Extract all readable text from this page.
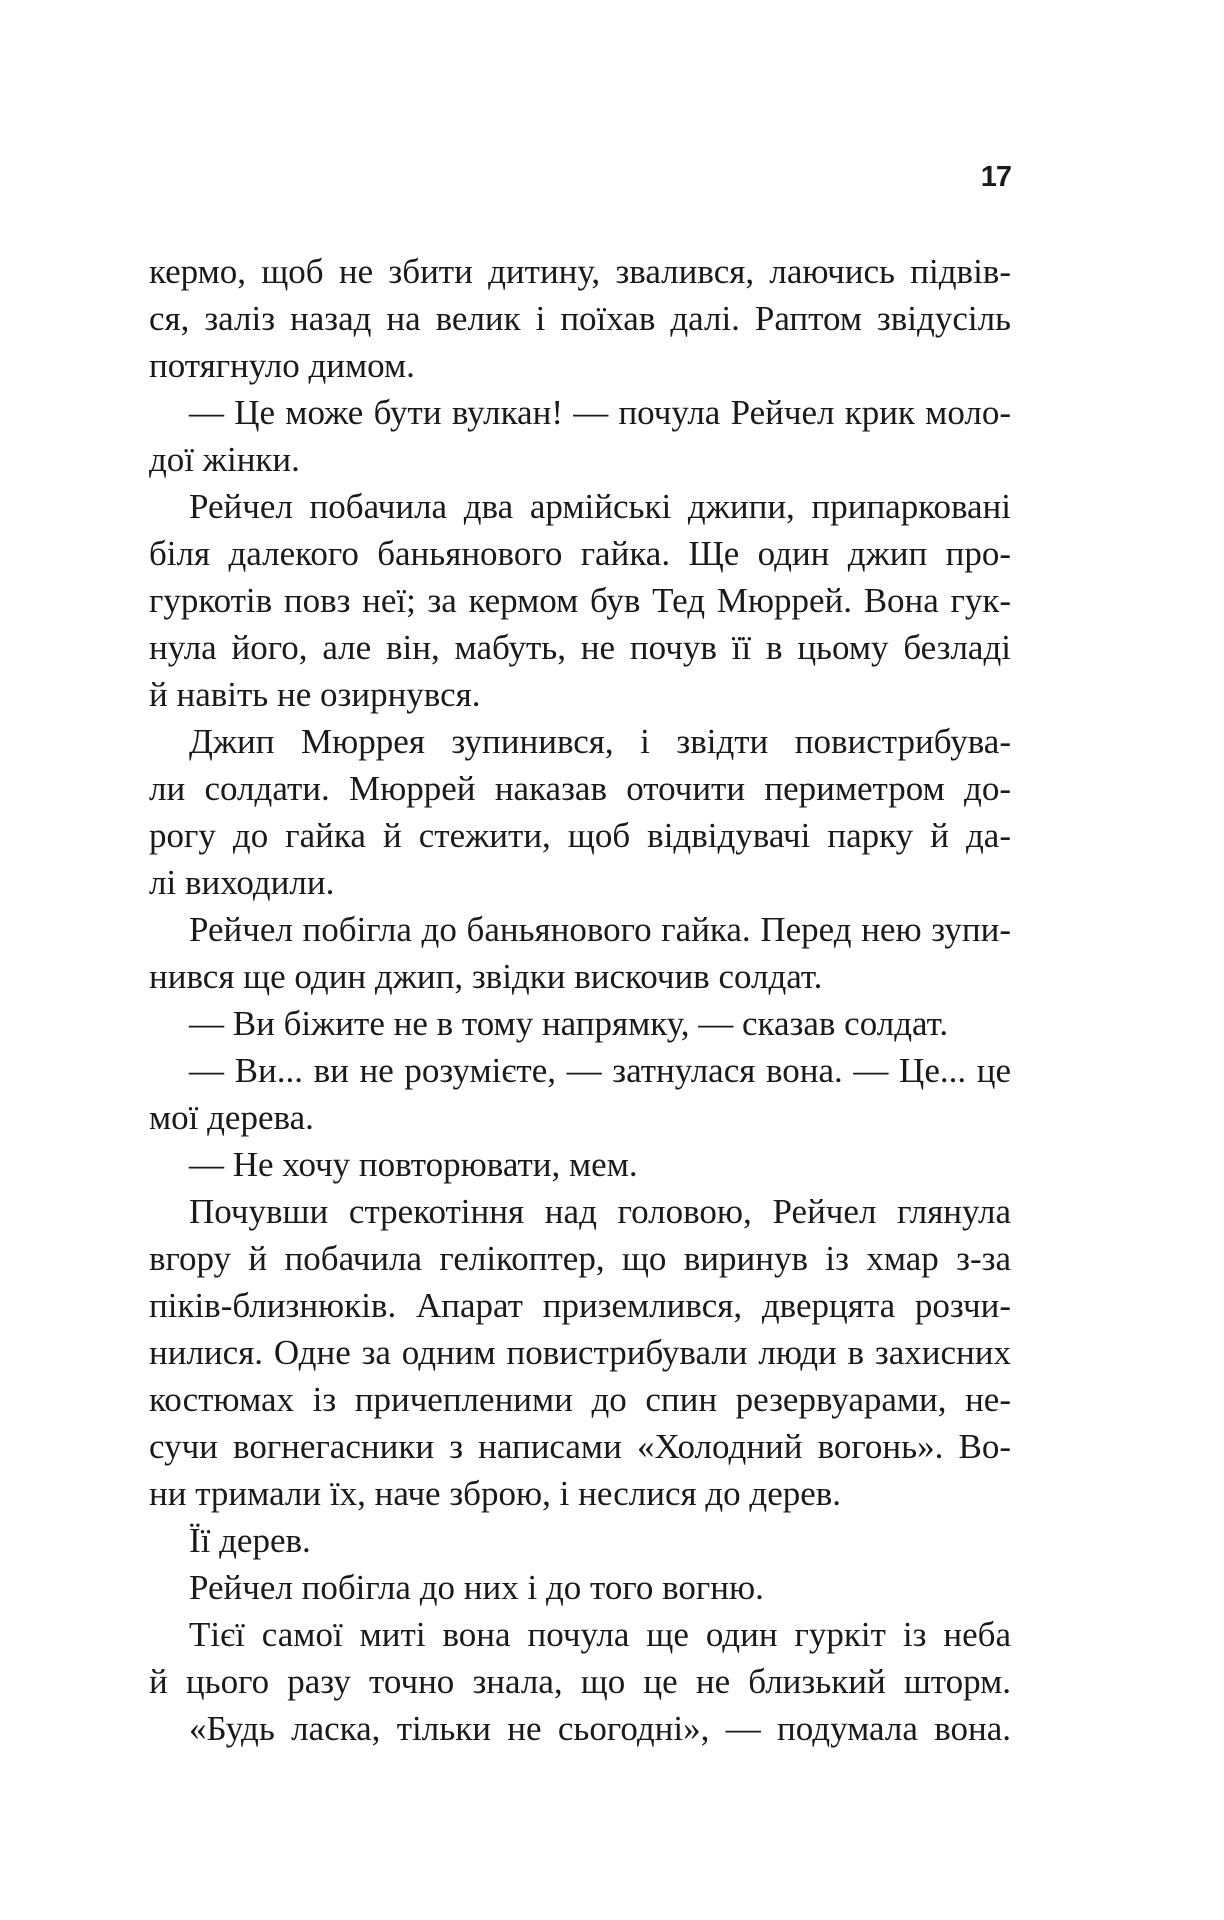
17
кермо, щоб не збити дитину, звалився, лаючись підвів-
ся, заліз назад на велик і поїхав далі. Раптом звідусіль
потягнуло димом.
— Це може бути вулкан! — почула Рейчел крик моло-
дої жінки.
Рейчел побачила два армійські джипи, припарковані
біля далекого баньянового гайка. Ще один джип про-
гуркотів повз неї; за кермом був Тед Мюррей. Вона гук-
нула його, але він, мабуть, не почув її в цьому безладі
й навіть не озирнувся.
Джип Мюррея зупинився, і звідти повистрибува-
ли солдати. Мюррей наказав оточити периметром до-
рогу до гайка й стежити, щоб відвідувачі парку й да-
лі виходили.
Рейчел побігла до баньянового гайка. Перед нею зупи-
нився ще один джип, звідки вискочив солдат.
— Ви біжите не в тому напрямку, — сказав солдат.
— Ви... ви не розумієте, — затнулася вона. — Це... це
мої дерева.
— Не хочу повторювати, мем.
Почувши стрекотіння над головою, Рейчел глянула
вгору й побачила гелікоптер, що виринув із хмар з-за
піків-близнюків. Апарат приземлився, дверцята розчи-
нилися. Одне за одним повистрибували люди в захисних
костюмах із причепленими до спин резервуарами, не-
сучи вогнегасники з написами «Холодний вогонь». Во-
ни тримали їх, наче зброю, і неслися до дерев.
Її дерев.
Рейчел побігла до них і до того вогню.
Тієї самої миті вона почула ще один гуркіт із неба
й цього разу точно знала, що це не близький шторм.
«Будь ласка, тільки не сьогодні», — подумала вона.
